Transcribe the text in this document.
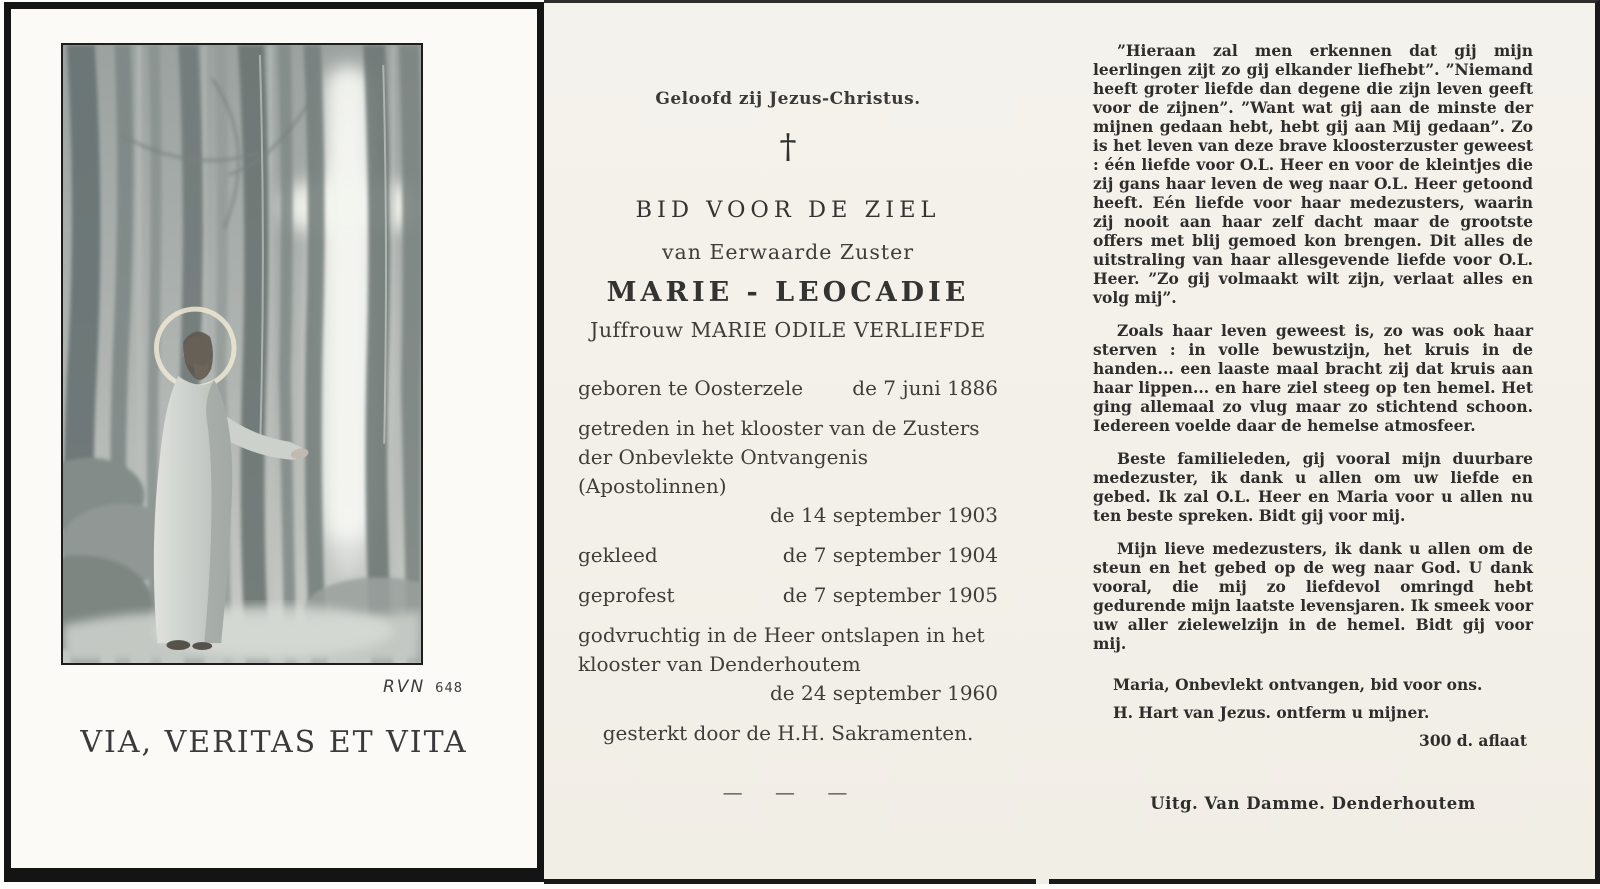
RVN 648
VIA, VERITAS ET VITA
Geloofd zij Jezus-Christus.
†
BID VOOR DE ZIEL
van Eerwaarde Zuster
MARIE - LEOCADIE
Juffrouw MARIE ODILE VERLIEFDE
geboren te Oosterzele de 7 juni 1886
getreden in het klooster van de Zusters der Onbevlekte Ontvangenis (Apostolinnen)
de 14 september 1903
gekleed	de 7 september 1904
geprofest	de 7 september 1905
godvruchtig in de Heer ontslapen in het klooster van Denderhoutem
de 24 september 1960
gesterkt door de H.H. Sakramenten.
— — —

”Hieraan zal men erkennen dat gij mijn leerlingen zijt zo gij elkander liefhebt”. ”Niemand heeft groter liefde dan degene die zijn leven geeft voor de zijnen”. ”Want wat gij aan de minste der mijnen gedaan hebt, hebt gij aan Mij gedaan”. Zo is het leven van deze brave kloosterzuster geweest : één liefde voor O.L. Heer en voor de kleintjes die zij gans haar leven de weg naar O.L. Heer getoond heeft. Eén liefde voor haar medezusters, waarin zij nooit aan haar zelf dacht maar de grootste offers met blij gemoed kon brengen. Dit alles de uitstraling van haar allesgevende liefde voor O.L. Heer. ”Zo gij volmaakt wilt zijn, verlaat alles en volg mij”.

Zoals haar leven geweest is, zo was ook haar sterven : in volle bewustzijn, het kruis in de handen... een laaste maal bracht zij dat kruis aan haar lippen... en hare ziel steeg op ten hemel. Het ging allemaal zo vlug maar zo stichtend schoon. Iedereen voelde daar de hemelse atmosfeer.

Beste familieleden, gij vooral mijn duurbare medezuster, ik dank u allen om uw liefde en gebed. Ik zal O.L. Heer en Maria voor u allen nu ten beste spreken. Bidt gij voor mij.

Mijn lieve medezusters, ik dank u allen om de steun en het gebed op de weg naar God. U dank vooral, die mij zo liefdevol omringd hebt gedurende mijn laatste levensjaren. Ik smeek voor uw aller zielewelzijn in de hemel. Bidt gij voor mij.

Maria, Onbevlekt ontvangen, bid voor ons.
H. Hart van Jezus. ontferm u mijner.
300 d. aflaat
Uitg. Van Damme. Denderhoutem
